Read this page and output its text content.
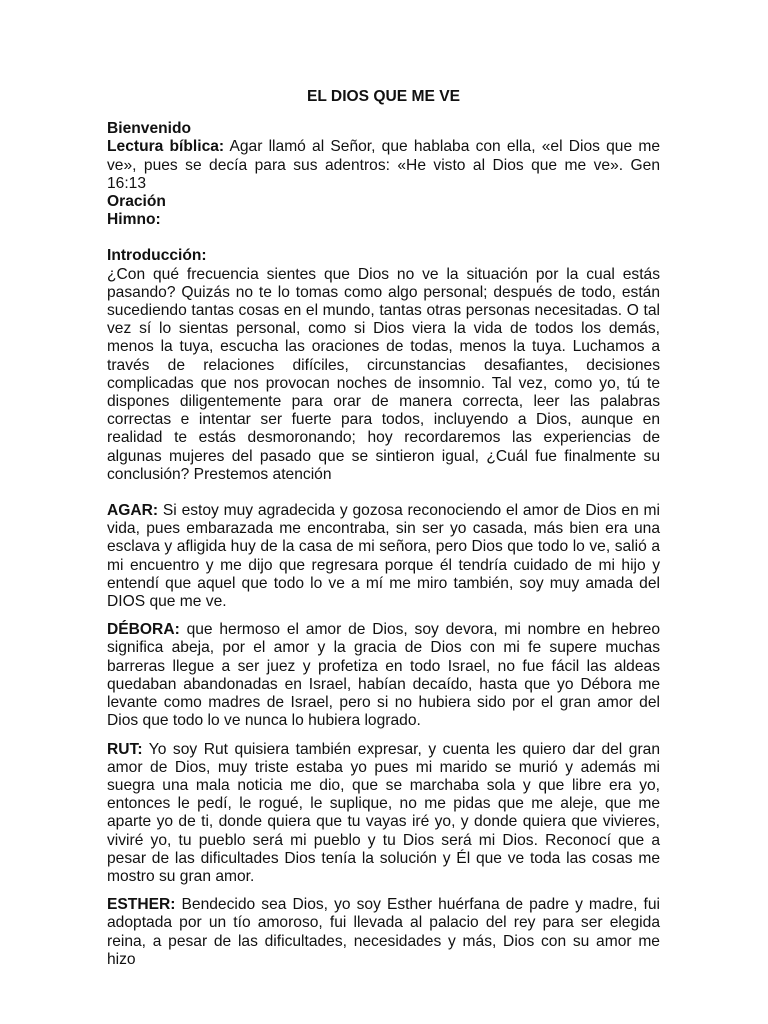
EL DIOS QUE ME VE
Bienvenido

Lectura bíblica: Agar llamó al Señor, que hablaba con ella, «el Dios que me ve», pues se decía para sus adentros: «He visto al Dios que me ve». Gen 16:13

Oración
Himno:
Introducción:

¿Con qué frecuencia sientes que Dios no ve la situación por la cual estás pasando? Quizás no te lo tomas como algo personal; después de todo, están sucediendo tantas cosas en el mundo, tantas otras personas necesitadas. O tal vez sí lo sientas personal, como si Dios viera la vida de todos los demás, menos la tuya, escucha las oraciones de todas, menos la tuya. Luchamos a través de relaciones difíciles, circunstancias desafiantes, decisiones complicadas que nos provocan noches de insomnio. Tal vez, como yo, tú te dispones diligentemente para orar de manera correcta, leer las palabras correctas e intentar ser fuerte para todos, incluyendo a Dios, aunque en realidad te estás desmoronando; hoy recordaremos las experiencias de algunas mujeres del pasado que se sintieron igual, ¿Cuál fue finalmente su conclusión? Prestemos atención

AGAR: Si estoy muy agradecida y gozosa reconociendo el amor de Dios en mi vida, pues embarazada me encontraba, sin ser yo casada, más bien era una esclava y afligida huy de la casa de mi señora, pero Dios que todo lo ve, salió a mi encuentro y me dijo que regresara porque él tendría cuidado de mi hijo y entendí que aquel que todo lo ve a mí me miro también, soy muy amada del DIOS que me ve.

DÉBORA: que hermoso el amor de Dios, soy devora, mi nombre en hebreo significa abeja, por el amor y la gracia de Dios con mi fe supere muchas barreras llegue a ser juez y profetiza en todo Israel, no fue fácil las aldeas quedaban abandonadas en Israel, habían decaído, hasta que yo Débora me levante como madres de Israel, pero si no hubiera sido por el gran amor del Dios que todo lo ve nunca lo hubiera logrado.

RUT: Yo soy Rut quisiera también expresar, y cuenta les quiero dar del gran amor de Dios, muy triste estaba yo pues mi marido se murió y además mi suegra una mala noticia me dio, que se marchaba sola y que libre era yo, entonces le pedí, le rogué, le suplique, no me pidas que me aleje, que me aparte yo de ti, donde quiera que tu vayas iré yo, y donde quiera que vivieres, viviré yo, tu pueblo será mi pueblo y tu Dios será mi Dios. Reconocí que a pesar de las dificultades Dios tenía la solución y Él que ve toda las cosas me mostro su gran amor.

ESTHER: Bendecido sea Dios, yo soy Esther huérfana de padre y madre, fui adoptada por un tío amoroso, fui llevada al palacio del rey para ser elegida reina, a pesar de las dificultades, necesidades y más, Dios con su amor me hizo
